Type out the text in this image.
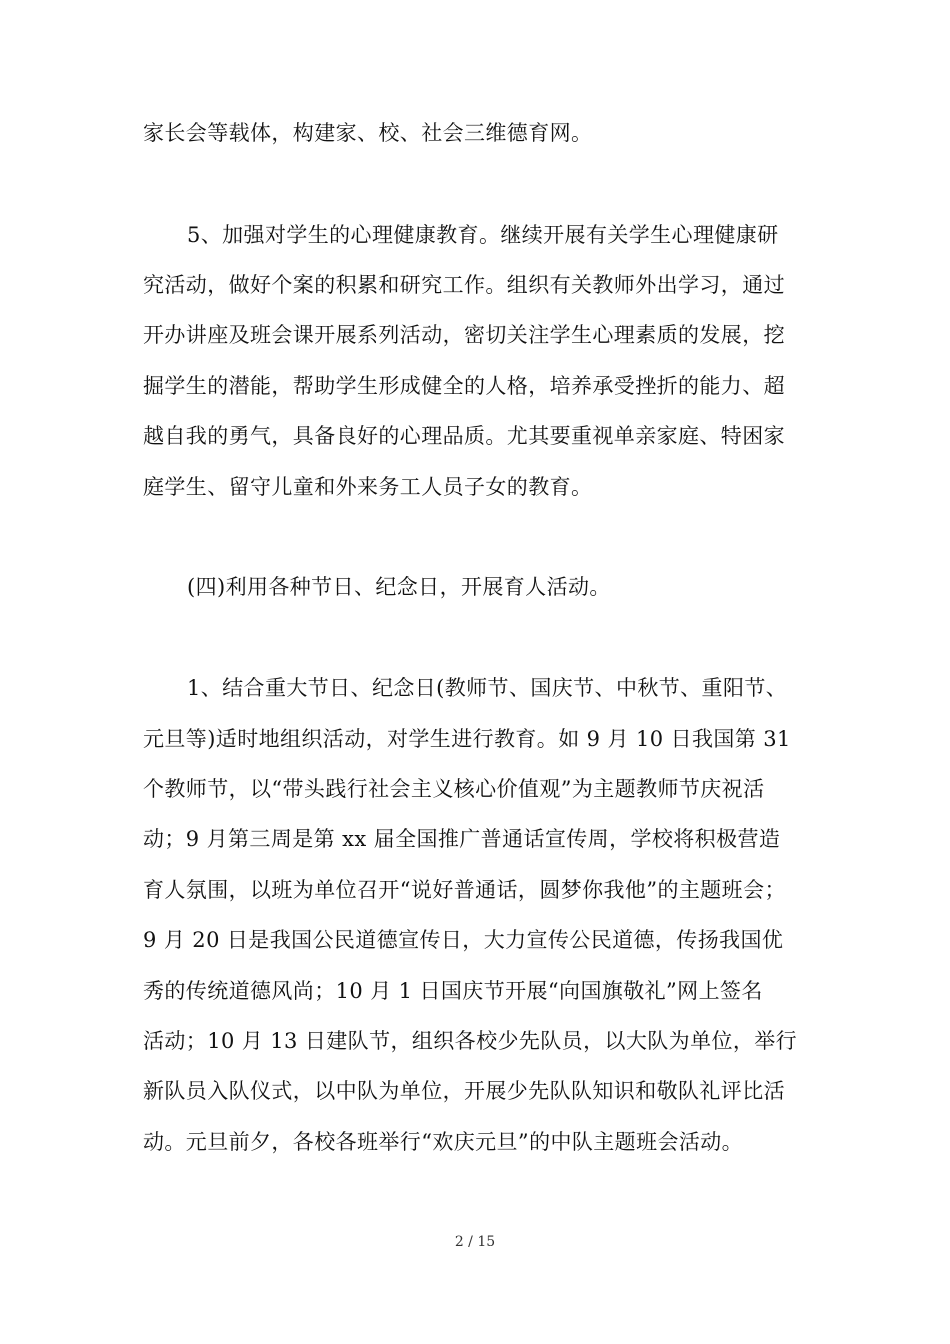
家长会等载体，构建家、校、社会三维德育网。
5、加强对学生的心理健康教育。继续开展有关学生心理健康研
究活动，做好个案的积累和研究工作。组织有关教师外出学习，通过
开办讲座及班会课开展系列活动，密切关注学生心理素质的发展，挖
掘学生的潜能，帮助学生形成健全的人格，培养承受挫折的能力、超
越自我的勇气，具备良好的心理品质。尤其要重视单亲家庭、特困家
庭学生、留守儿童和外来务工人员子女的教育。
(四)利用各种节日、纪念日，开展育人活动。
1、结合重大节日、纪念日(教师节、国庆节、中秋节、重阳节、
元旦等)适时地组织活动，对学生进行教育。如 9 月 10 日我国第 31
个教师节，以“带头践行社会主义核心价值观”为主题教师节庆祝活
动；9 月第三周是第 xx 届全国推广普通话宣传周，学校将积极营造
育人氛围，以班为单位召开“说好普通话，圆梦你我他”的主题班会；
9 月 20 日是我国公民道德宣传日，大力宣传公民道德，传扬我国优
秀的传统道德风尚；10 月 1 日国庆节开展“向国旗敬礼”网上签名
活动；10 月 13 日建队节，组织各校少先队员，以大队为单位，举行
新队员入队仪式，以中队为单位，开展少先队队知识和敬队礼评比活
动。元旦前夕，各校各班举行“欢庆元旦”的中队主题班会活动。
2 / 15
